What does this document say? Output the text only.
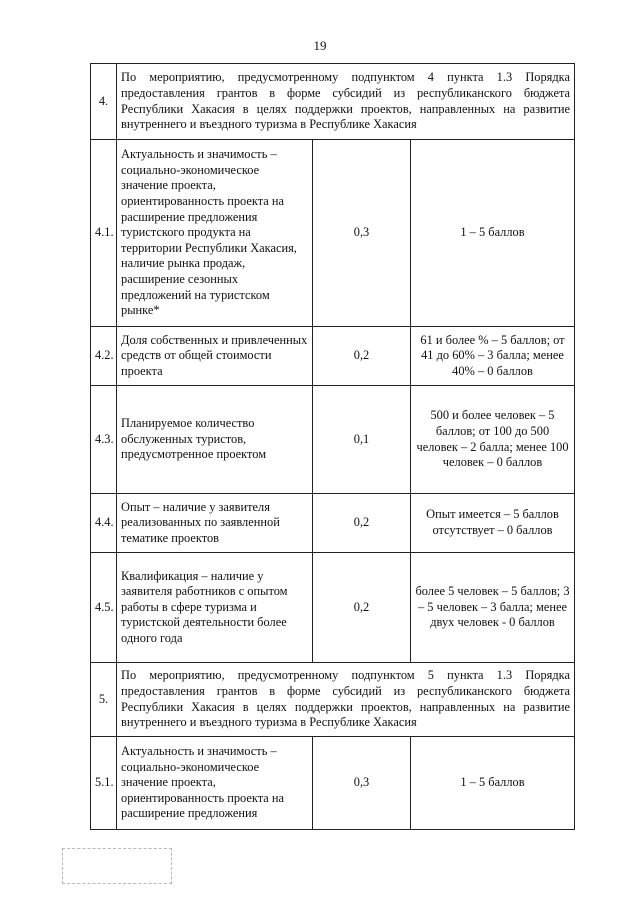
19
4.	По мероприятию, предусмотренному подпунктом 4 пункта 1.3 Порядка предоставления грантов в форме субсидий из республиканского бюджета Республики Хакасия в целях поддержки проектов, направленных на развитие внутреннего и въездного туризма в Республике Хакасия		
4.1.	Актуальность и значимость – социально-экономическое значение проекта, ориентированность проекта на расширение предложения туристского продукта на территории Республики Хакасия, наличие рынка продаж, расширение сезонных предложений на туристском рынке*	0,3	1 – 5 баллов
4.2.	Доля собственных и привлеченных средств от общей стоимости проекта	0,2	61 и более % – 5 баллов; от 41 до 60% – 3 балла; менее 40% – 0 баллов
4.3.	Планируемое количество обслуженных туристов, предусмотренное проектом	0,1	500 и более человек – 5 баллов; от 100 до 500 человек – 2 балла; менее 100 человек – 0 баллов
4.4.	Опыт – наличие у заявителя реализованных по заявленной тематике проектов	0,2	Опыт имеется – 5 баллов отсутствует – 0 баллов
4.5.	Квалификация – наличие у заявителя работников с опытом работы в сфере туризма и туристской деятельности более одного года	0,2	более 5 человек – 5 баллов; 3 – 5 человек – 3 балла; менее двух человек - 0 баллов
5.	По мероприятию, предусмотренному подпунктом 5 пункта 1.3 Порядка предоставления грантов в форме субсидий из республиканского бюджета Республики Хакасия в целях поддержки проектов, направленных на развитие внутреннего и въездного туризма в Республике Хакасия		
5.1.	Актуальность и значимость – социально-экономическое значение проекта, ориентированность проекта на расширение предложения	0,3	1 – 5 баллов
